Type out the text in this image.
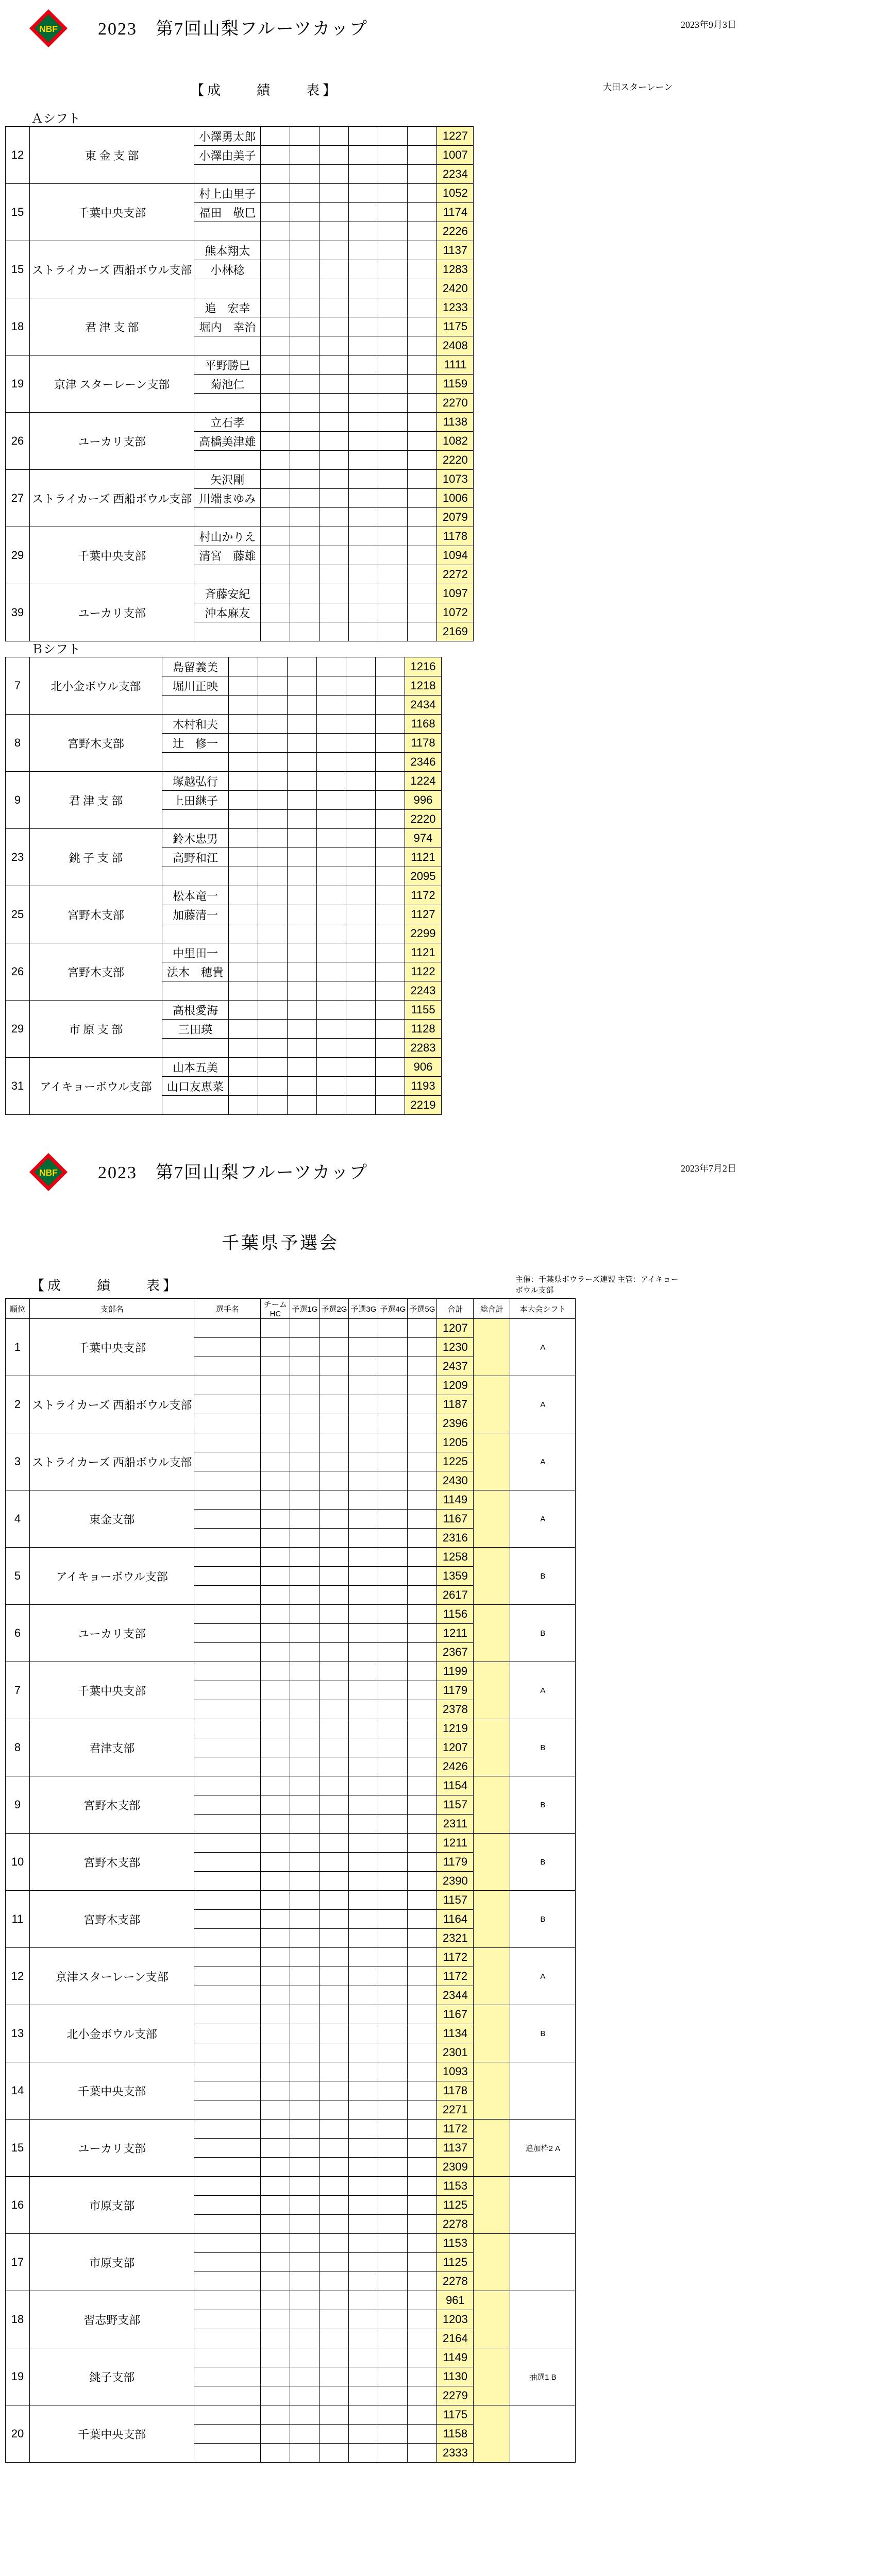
NBF 2023　 第7回山梨フルーツカップ	2023年9月3日
【成　　績　　表】	大田スターレーン
Ａシフト
12	東 金 支 部	小澤勇太郎							1227
		小澤由美子							1007
									2234
15	千葉中央支部	村上由里子							1052
		福田　敬巳							1174
									2226
15	ストライカーズ 西船ボウル支部	熊本翔太							1137
		小林稔							1283
									2420
18	君 津 支 部	追　宏幸							1233
		堀内　幸治							1175
									2408
19	京津 スターレーン支部	平野勝巳							1111
		菊池仁							1159
									2270
26	ユーカリ支部	立石孝							1138
		高橋美津雄							1082
									2220
27	ストライカーズ 西船ボウル支部	矢沢剛							1073
		川端まゆみ							1006
									2079
29	千葉中央支部	村山かりえ							1178
		清宮　藤雄							1094
									2272
39	ユーカリ支部	斉藤安紀							1097
		沖本麻友							1072
									2169
Ｂシフト
7	北小金ボウル支部	島留義美							1216
		堀川正映							1218
									2434
8	宮野木支部	木村和夫							1168
		辻　修一							1178
									2346
9	君 津 支 部	塚越弘行							1224
		上田継子							996
									2220
23	銚 子 支 部	鈴木忠男							974
		高野和江							1121
									2095
25	宮野木支部	松本竜一							1172
		加藤清一							1127
									2299
26	宮野木支部	中里田一							1121
		法木　穂貴							1122
									2243
29	市 原 支 部	高根愛海							1155
		三田瑛							1128
									2283
31	アイキョーボウル支部	山本五美							906
		山口友恵菜							1193
									2219
NBF 2023　 第7回山梨フルーツカップ	2023年7月2日
千葉県予選会
【成　　績　　表】	主催：千葉県ボウラーズ連盟 主管：アイキョーボウル支部
順位	支部名	選手名	チームHC	予選1G	予選2G	予選3G	予選4G	予選5G	合計	総合計	本大会シフト
1	千葉中央支部								1207		A
									1230		
									2437		
2	ストライカーズ 西船ボウル支部								1209		A
									1187		
									2396		
3	ストライカーズ 西船ボウル支部								1205		A
									1225		
									2430		
4	東金支部								1149		A
									1167		
									2316		
5	アイキョーボウル支部								1258		B
									1359		
									2617		
6	ユーカリ支部								1156		B
									1211		
									2367		
7	千葉中央支部								1199		A
									1179		
									2378		
8	君津支部								1219		B
									1207		
									2426		
9	宮野木支部								1154		B
									1157		
									2311		
10	宮野木支部								1211		B
									1179		
									2390		
11	宮野木支部								1157		B
									1164		
									2321		
12	京津スターレーン支部								1172		A
									1172		
									2344		
13	北小金ボウル支部								1167		B
									1134		
									2301		
14	千葉中央支部								1093		
									1178		
									2271		
15	ユーカリ支部								1172		追加枠2 A
									1137		
									2309		
16	市原支部								1153		
									1125		
									2278		
17	市原支部								1153		
									1125		
									2278		
18	習志野支部								961		
									1203		
									2164		
19	銚子支部								1149		抽選1 B
									1130		
									2279		
20	千葉中央支部								1175		
									1158		
									2333		
